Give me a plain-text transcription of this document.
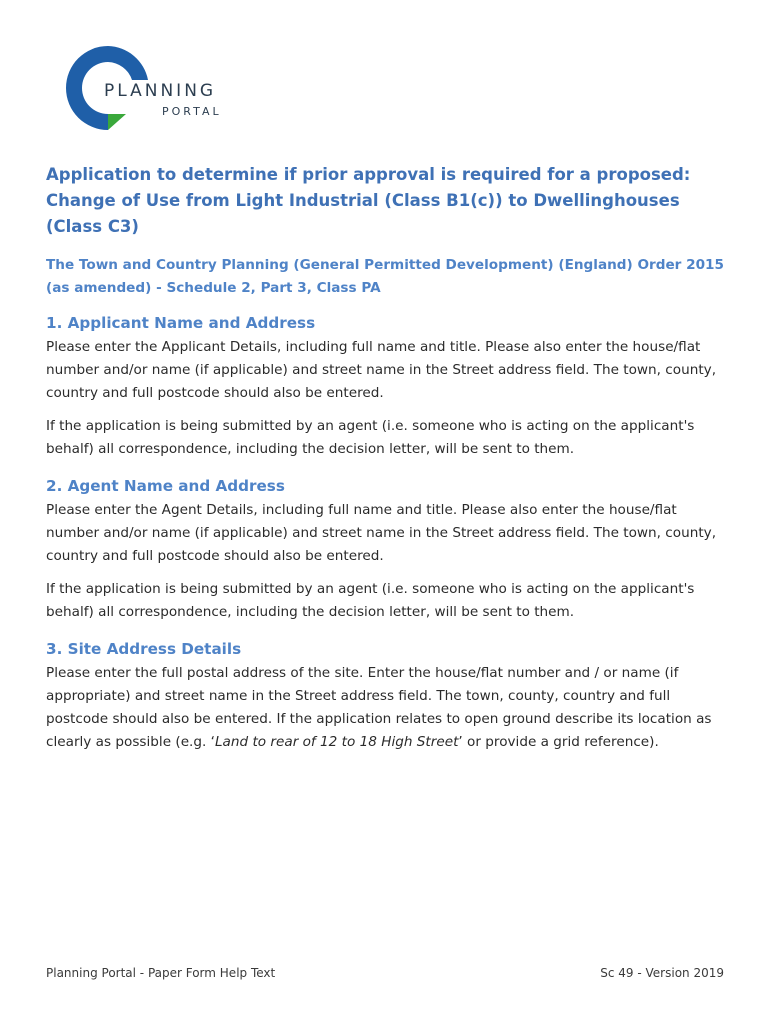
PLANNING
PORTAL
Application to determine if prior approval is required for a proposed: Change of Use from Light Industrial (Class B1(c)) to Dwellinghouses (Class C3)

The Town and Country Planning (General Permitted Development) (England) Order 2015 (as amended) - Schedule 2, Part 3, Class PA

1. Applicant Name and Address

Please enter the Applicant Details, including full name and title. Please also enter the house/flat number and/or name (if applicable) and street name in the Street address field. The town, county, country and full postcode should also be entered.

If the application is being submitted by an agent (i.e. someone who is acting on the applicant's behalf) all correspondence, including the decision letter, will be sent to them.

2. Agent Name and Address

Please enter the Agent Details, including full name and title. Please also enter the house/flat number and/or name (if applicable) and street name in the Street address field. The town, county, country and full postcode should also be entered.

If the application is being submitted by an agent (i.e. someone who is acting on the applicant's behalf) all correspondence, including the decision letter, will be sent to them.

3. Site Address Details

Please enter the full postal address of the site. Enter the house/flat number and / or name (if appropriate) and street name in the Street address field. The town, county, country and full postcode should also be entered. If the application relates to open ground describe its location as clearly as possible (e.g. ‘Land to rear of 12 to 18 High Street’ or provide a grid reference).

Planning Portal - Paper Form Help Text	Sc 49 - Version 2019
